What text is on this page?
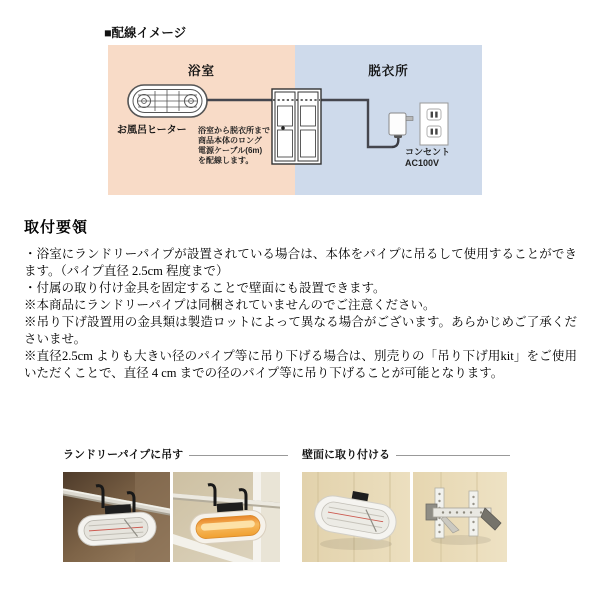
■配線イメージ
浴室	脱衣所
お風呂ヒーター 浴室から脱衣所まで
商品本体のロング
電源ケーブル(6m)
を配線します。
コンセント
AC100V
取付要領

・浴室にランドリーパイプが設置されている場合は、本体をパイプに吊るして使用することができます。（パイプ直径 2.5cm 程度まで）

・付属の取り付け金具を固定することで壁面にも設置できます。

※本商品にランドリーパイプは同梱されていませんのでご注意ください。

※吊り下げ設置用の金具類は製造ロットによって異なる場合がございます。あらかじめご了承くださいませ。

※直径2.5cm よりも大きい径のパイプ等に吊り下げる場合は、別売りの「吊り下げ用kit」をご使用いただくことで、直径 4 cm までの径のパイプ等に吊り下げることが可能となります。

ランドリーパイプに吊す	壁面に取り付ける
